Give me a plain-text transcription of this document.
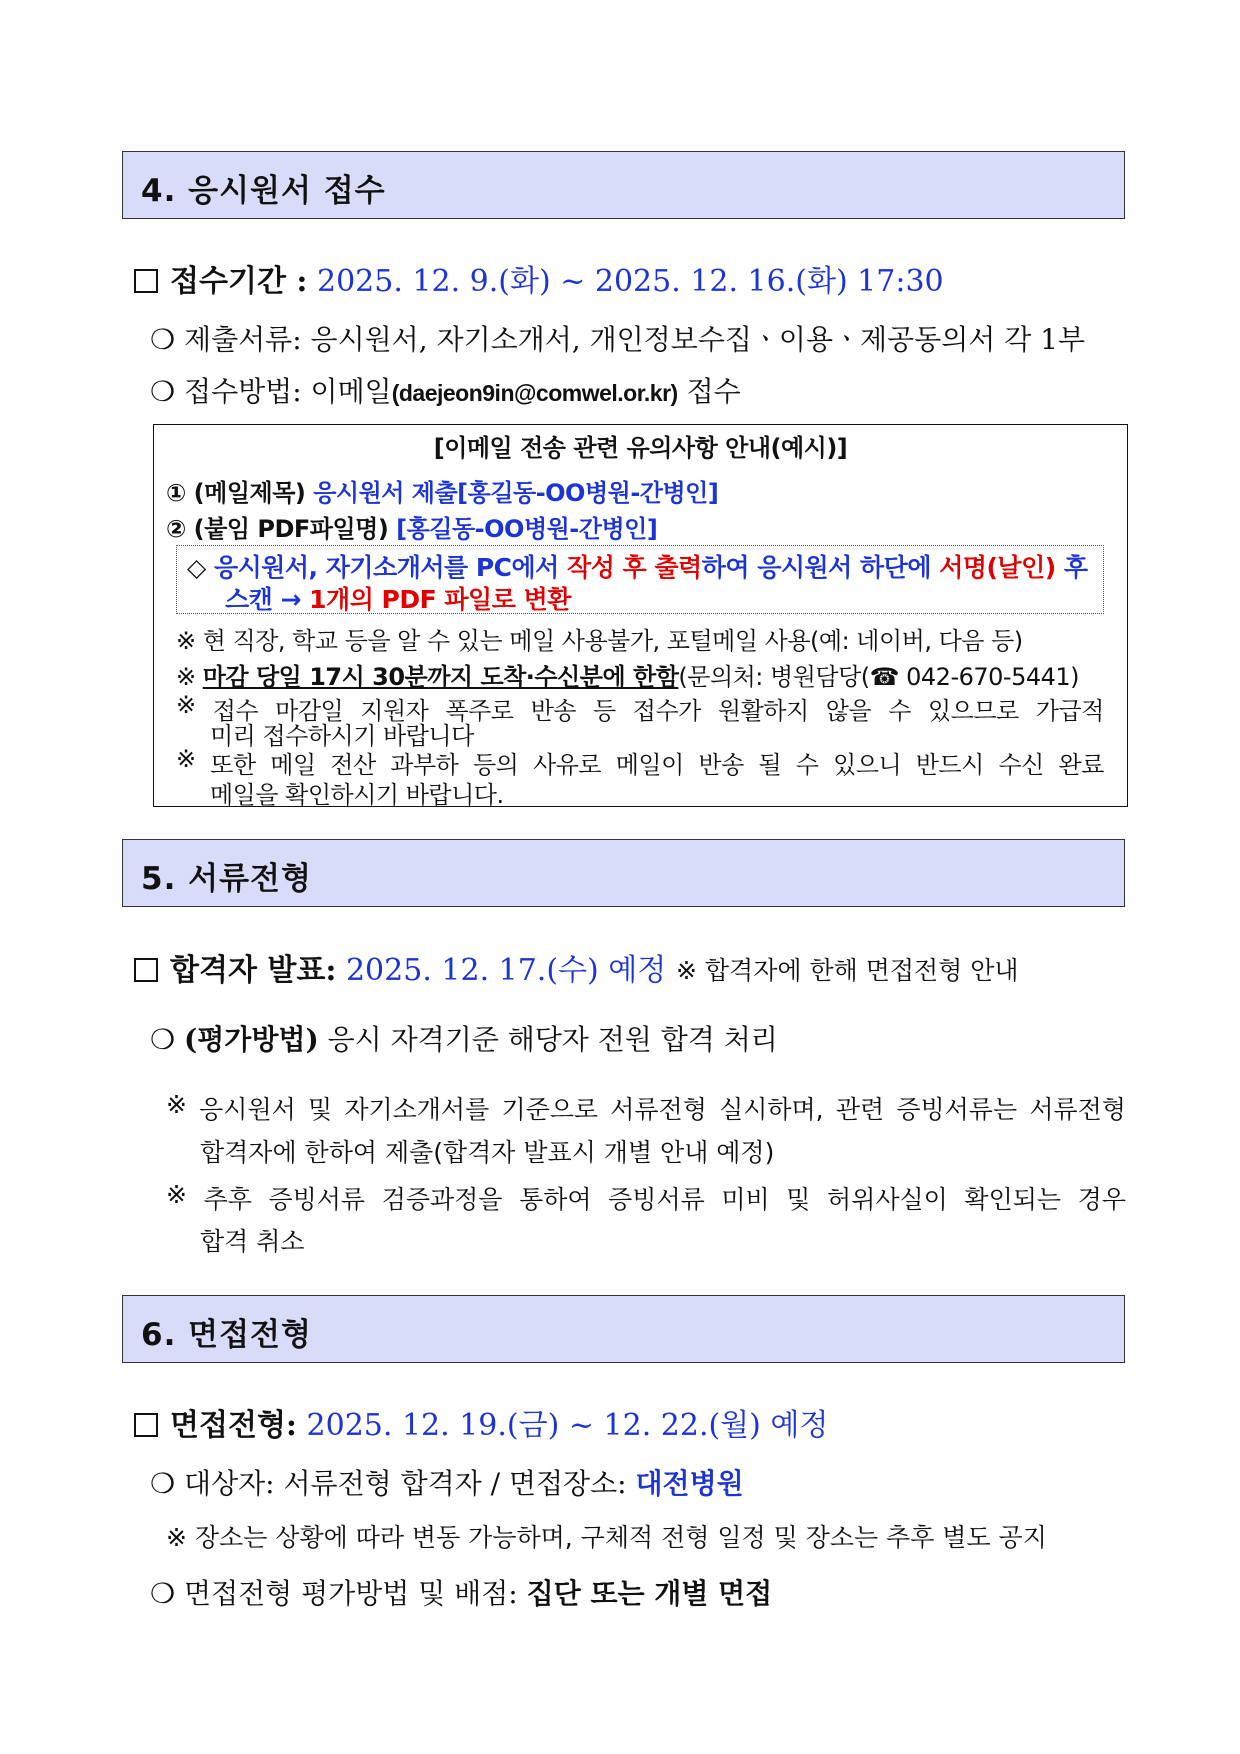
4. 응시원서 접수
접수기간 : 2025. 12. 9.(화) ~ 2025. 12. 16.(화) 17:30
❍ 제출서류: 응시원서, 자기소개서, 개인정보수집ㆍ이용ㆍ제공동의서 각 1부
❍ 접수방법: 이메일(daejeon9in@comwel.or.kr) 접수
[이메일 전송 관련 유의사항 안내(예시)]
① (메일제목) 응시원서 제출[홍길동-OO병원-간병인]
② (붙임 PDF파일명) [홍길동-OO병원-간병인]
◇ 응시원서, 자기소개서를 PC에서 작성 후 출력하여 응시원서 하단에 서명(날인) 후
스캔 → 1개의 PDF 파일로 변환
※ 현 직장, 학교 등을 알 수 있는 메일 사용불가, 포털메일 사용(예: 네이버, 다음 등)
※ 마감 당일 17시 30분까지 도착·수신분에 한함(문의처: 병원담당(☎ 042-670-5441)
※ 접수 마감일 지원자 폭주로 반송 등 접수가 원활하지 않을 수 있으므로 가급적
미리 접수하시기 바랍니다
※ 또한 메일 전산 과부하 등의 사유로 메일이 반송 될 수 있으니 반드시 수신 완료
메일을 확인하시기 바랍니다.
5. 서류전형
합격자 발표: 2025. 12. 17.(수) 예정 ※ 합격자에 한해 면접전형 안내
❍ (평가방법) 응시 자격기준 해당자 전원 합격 처리
※ 응시원서 및 자기소개서를 기준으로 서류전형 실시하며, 관련 증빙서류는 서류전형
합격자에 한하여 제출(합격자 발표시 개별 안내 예정)
※ 추후 증빙서류 검증과정을 통하여 증빙서류 미비 및 허위사실이 확인되는 경우
합격 취소
6. 면접전형
면접전형: 2025. 12. 19.(금) ~ 12. 22.(월) 예정
❍ 대상자: 서류전형 합격자 / 면접장소: 대전병원
※ 장소는 상황에 따라 변동 가능하며, 구체적 전형 일정 및 장소는 추후 별도 공지
❍ 면접전형 평가방법 및 배점: 집단 또는 개별 면접
